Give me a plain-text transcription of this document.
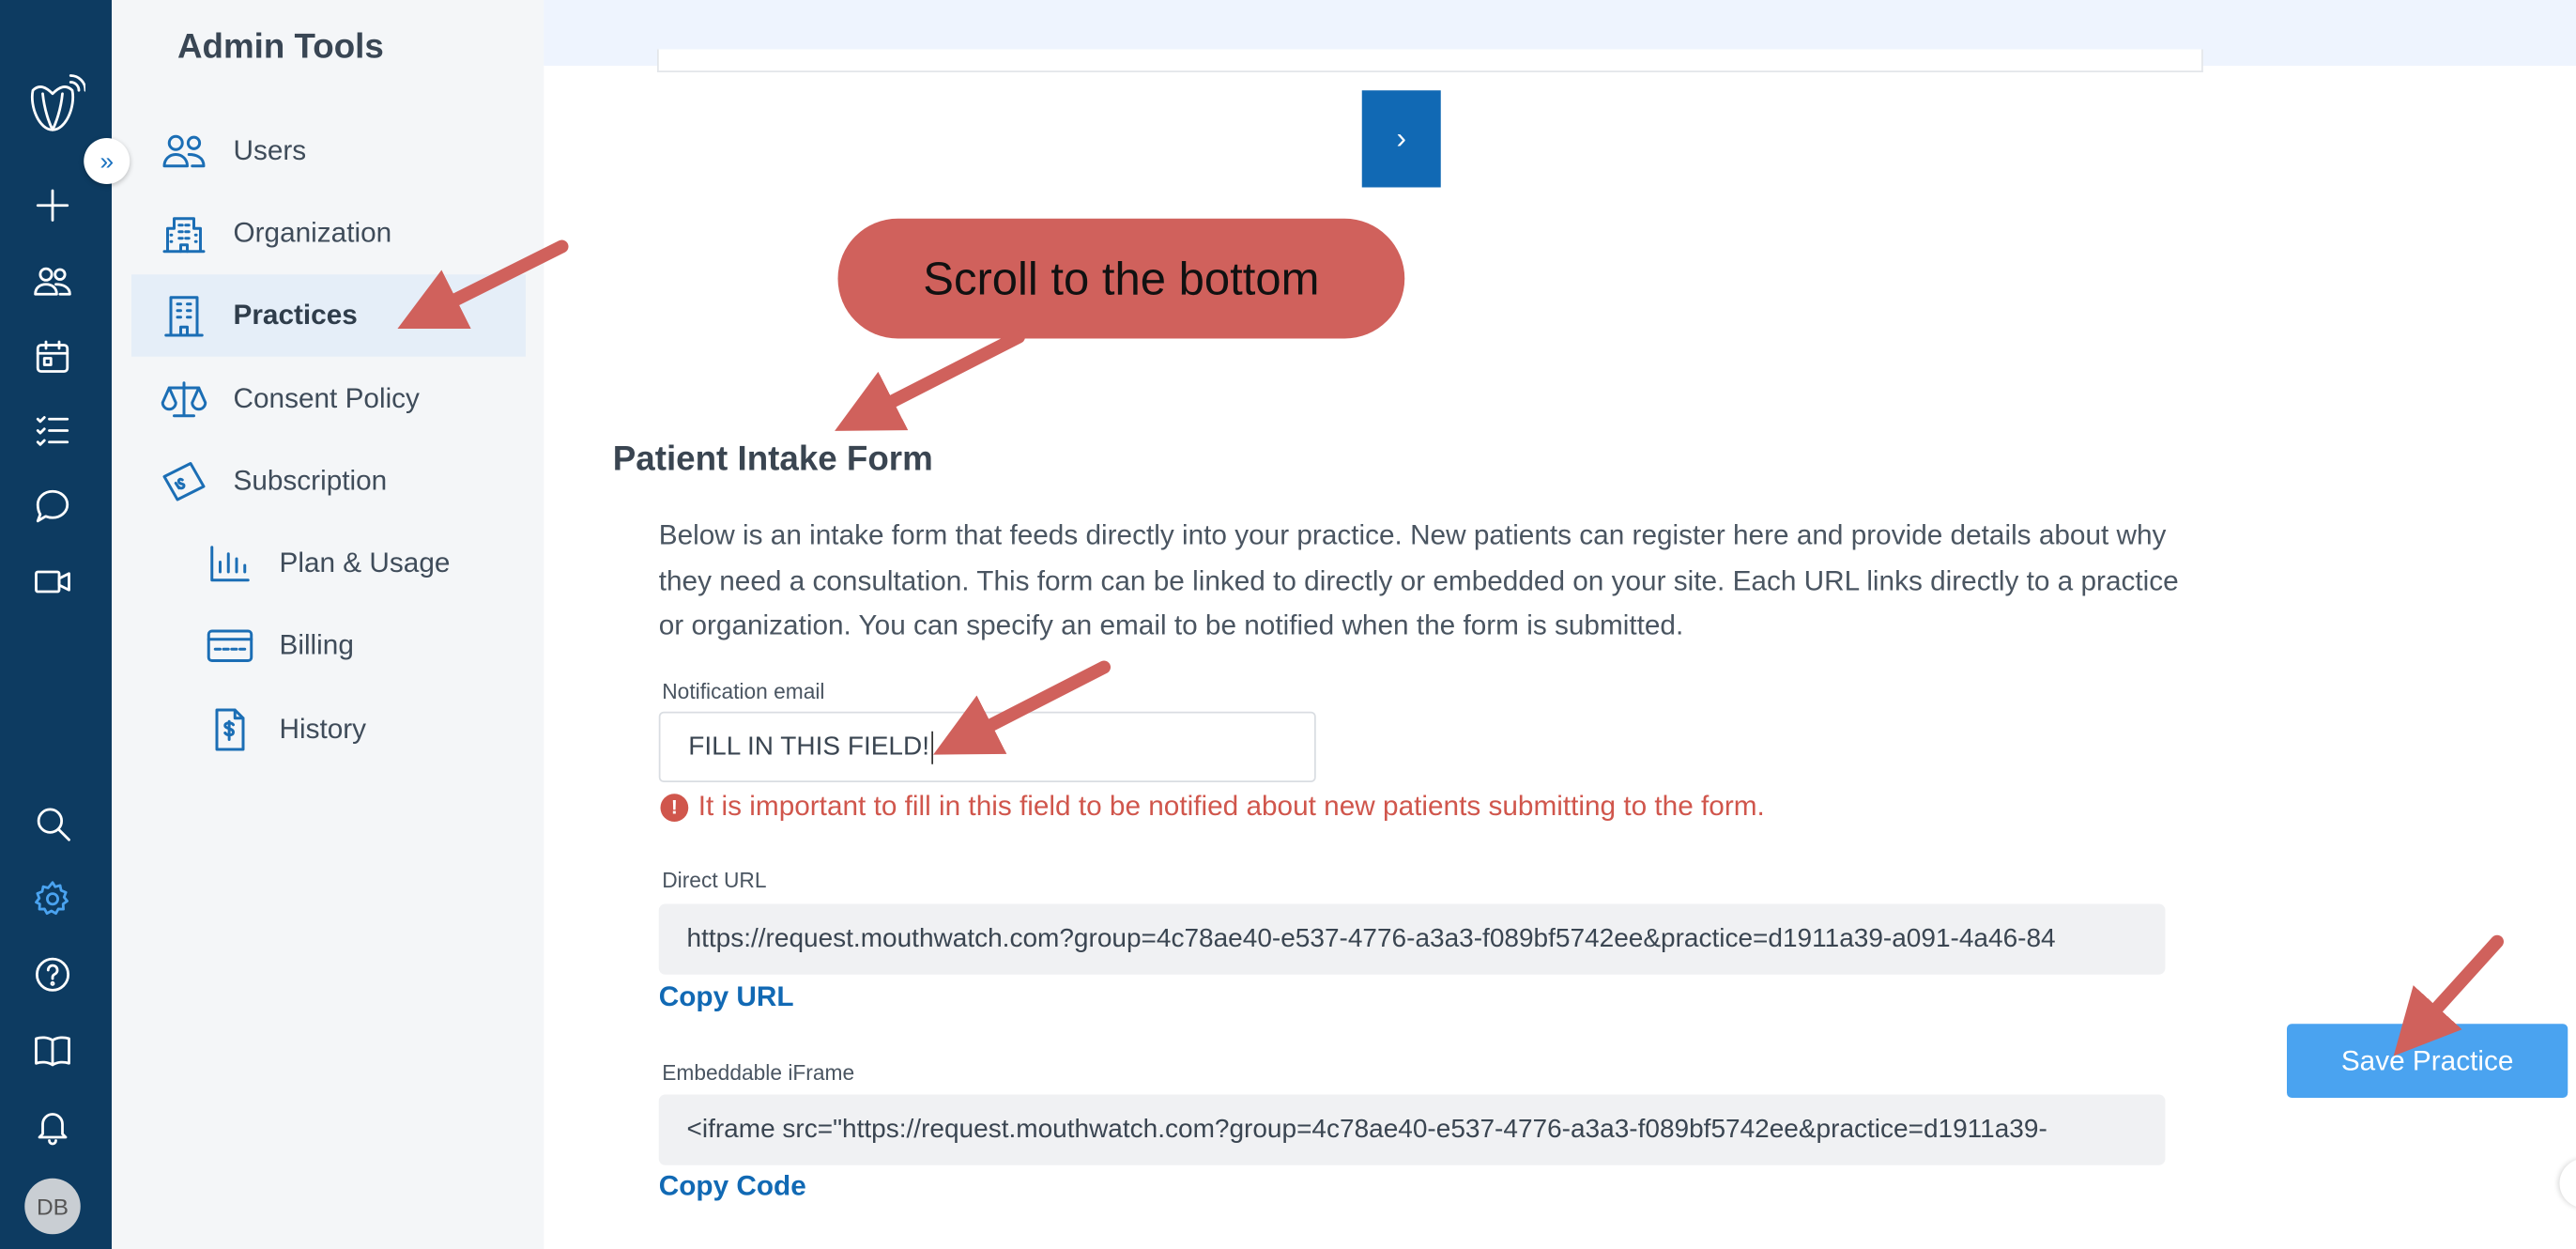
DB
»
Admin Tools
Users
Organization
Practices
Consent Policy
Subscription
Plan & Usage
Billing
History
›
Patient Intake Form
Below is an intake form that feeds directly into your practice. New patients can register here and provide details about why they need a consultation. This form can be linked to directly or embedded on your site. Each URL links directly to a practice or organization. You can specify an email to be notified when the form is submitted.
Notification email
FILL IN THIS FIELD!
!	It is important to fill in this field to be notified about new patients submitting to the form.
Direct URL
https://request.mouthwatch.com?group=4c78ae40-e537-4776-a3a3-f089bf5742ee&practice=d1911a39-a091-4a46-84
Copy URL
Embeddable iFrame
<iframe src="https://request.mouthwatch.com?group=4c78ae40-e537-4776-a3a3-f089bf5742ee&practice=d1911a39-
Copy Code
Save Practice
Scroll to the bottom
